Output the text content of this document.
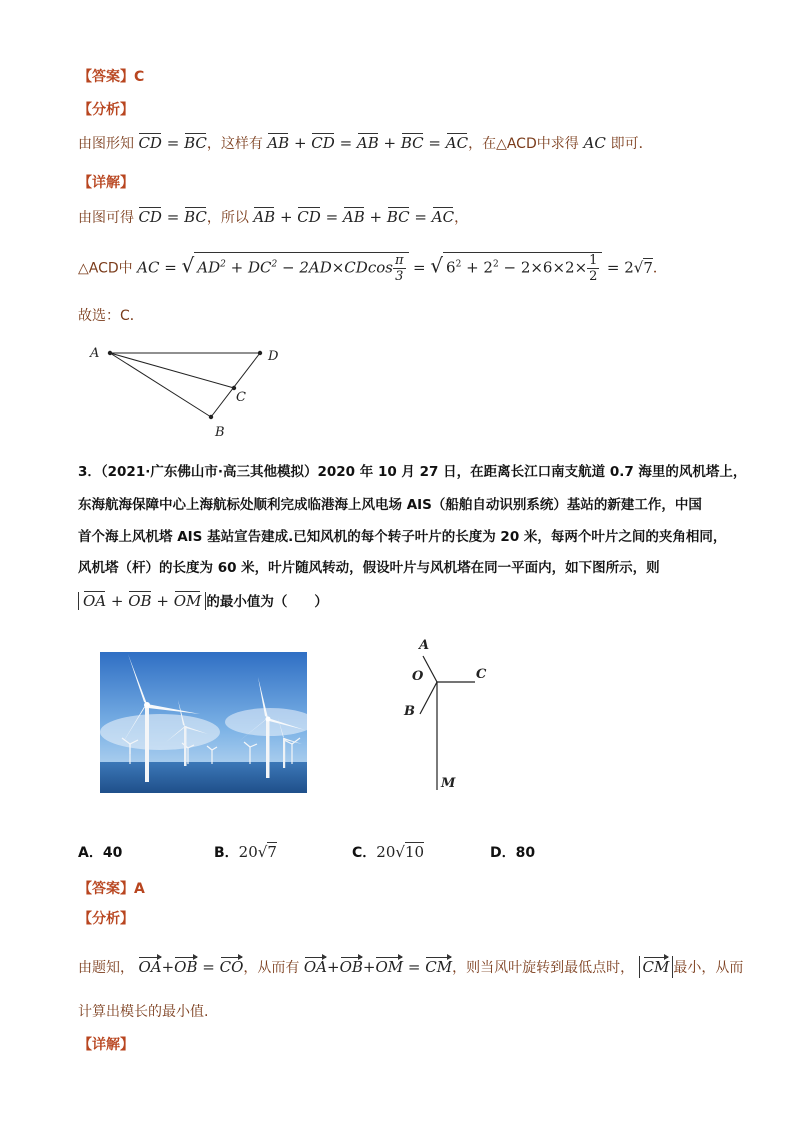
【答案】C
【分析】
由图形知 CD = BC，这样有 AB + CD = AB + BC = AC，在△ACD中求得 AC 即可．
【详解】
由图可得 CD = BC，所以 AB + CD = AB + BC = AC，
△ACD中 AC = √ $AD^2 + DC^2 - 2AD\times CDcos \frac{\pi}{3}$ = √ $6^2 + 2^2 - 2\times 6\times 2\times \frac{1}{2} = 2√7$．
故选：C．
A	D
C
B
3．（2021·广东佛山市·高三其他模拟）2020 年 10 月 27 日，在距离长江口南支航道 0.7 海里的风机塔上，
东海航海保障中心上海航标处顺利完成临港海上风电场 AIS（船舶自动识别系统）基站的新建工作，中国
首个海上风机塔 AIS 基站宣告建成.已知风机的每个转子叶片的长度为 20 米，每两个叶片之间的夹角相同，
风机塔（杆）的长度为 60 米，叶片随风转动，假设叶片与风机塔在同一平面内，如下图所示，则
OA + OB + OM 的最小值为（　　）
A
O	C
B
M
A．40	B．20√7	C．20√10	D．80
【答案】A
【分析】
由题知， OA+OB = CO，从而有 OA+OB+OM = CM，则当风叶旋转到最低点时， CM 最小，从而
计算出模长的最小值.
【详解】
